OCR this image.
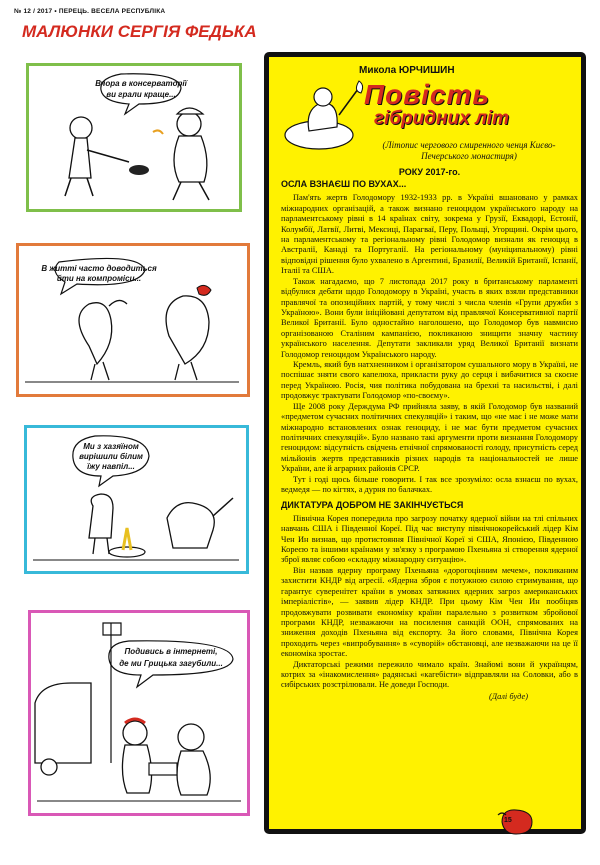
№ 12 / 2017 • ПЕРЕЦЬ. ВЕСЕЛА РЕСПУБЛІКА
МАЛЮНКИ СЕРГІЯ ФЕДЬКА
Вчора в консерваторії
ви грали краще...
В житті часто доводиться
йти на компроміси...
Ми з хазяїном
вирішили білим
їжу навпіл...
Подивись в інтернеті,
де ми Грицька загубили...
Микола ЮРЧИШИН
Повість
гібридних літ
(Літопис чергового смиренного ченця Києво-Печерського монастиря)
РОКУ 2017-го.
ОСЛА ВЗНАЄШ ПО ВУХАХ...

Пам'ять жертв Голодомору 1932-1933 рр. в Україні вшановано у рамках міжнародних організацій, а також визнано геноцидом українського народу на парламентському рівні в 14 країнах світу, зокрема у Грузії, Еквадорі, Естонії, Колумбії, Латвії, Литві, Мексиці, Парагваї, Перу, Польщі, Угорщині. Окрім цього, на парламентському та регіональному рівні Голодомор визнали як геноцид в Австралії, Канаді та Португалії. На регіональному (муніципальному) рівні відповідні рішення було ухвалено в Аргентині, Бразилії, Великій Британії, Іспанії, Італії та США.

Також нагадаємо, що 7 листопада 2017 року в британському парламенті відбулися дебати щодо Голодомору в Україні, участь в яких взяли представники правлячої та опозиційних партій, у тому числі з числа членів «Групи дружби з Україною». Вони були ініційовані депутатом від правлячої Консервативної партії Великої Британії. Було одностайно наголошено, що Голодомор був навмисно організованою Сталіним кампанією, покликаною знищити значну частину українського населення. Депутати закликали уряд Великої Британії визнати Голодомор геноцидом Українського народу.

Кремль, який був натхненником і організатором сушального мору в Україні, не поспішає зняти свого капелюха, прикласти руку до серця і вибачитися за скоєне перед Україною. Росія, чия політика побудована на брехні та насильстві, і далі продовжує трактувати Голодомор «по-своєму».

Ще 2008 року Держдума РФ прийняла заяву, в якій Голодомор був названий «предметом сучасних політичних спекуляцій» і таким, що «не має і не може мати міжнародно встановлених ознак геноциду, і не має бути предметом сучасних політичних спекуляцій». Було названо такі аргументи проти визнання Голодомору геноцидом: відсутність свідчень етнічної спрямованості голоду, присутність серед мільйонів жертв представників різних народів та національностей не лише України, але й аграрних районів СРСР.

Тут і годі щось більше говорити. І так все зрозуміло: осла взнаєш по вухах, ведмедя — по кігтях, а дурня по балачках.

ДИКТАТУРА ДОБРОМ НЕ ЗАКІНЧУЄТЬСЯ

Північна Корея попередила про загрозу початку ядерної війни на тлі спільних навчань США і Південної Кореї. Під час виступу північнокорейський лідер Кім Чен Ин визнав, що протистояння Північної Кореї зі США, Японією, Південною Кореєю та іншими країнами у зв'язку з програмою Пхеньяна зі створення ядерної зброї являє собою «складну міжнародну ситуацію».

Він назвав ядерну програму Пхеньяна «дорогоцінним мечем», покликаним захистити КНДР від агресії. «Ядерна зброя є потужною силою стримування, що гарантує суверенітет країни в умовах затяжних ядерних загроз американських імперіалістів», — заявив лідер КНДР. При цьому Кім Чен Ин пообіцяв продовжувати розвивати економіку країни паралельно з розвитком збройової програми КНДР, незважаючи на посилення санкцій ООН, спрямованих на зниження доходів Пхеньяна від експорту. За його словами, Північна Корея проходить через «випробування» в «суворій» обстановці, але незважаючи на це її економіка зростає.

Диктаторські режими пережило чимало країн. Знайомі вони й українцям, котрих за «інакомислення» радянські «кагебісти» відправляли на Соловки, або в сибірських розстрілювали. Не доведи Господи.

(Далі буде)
15
